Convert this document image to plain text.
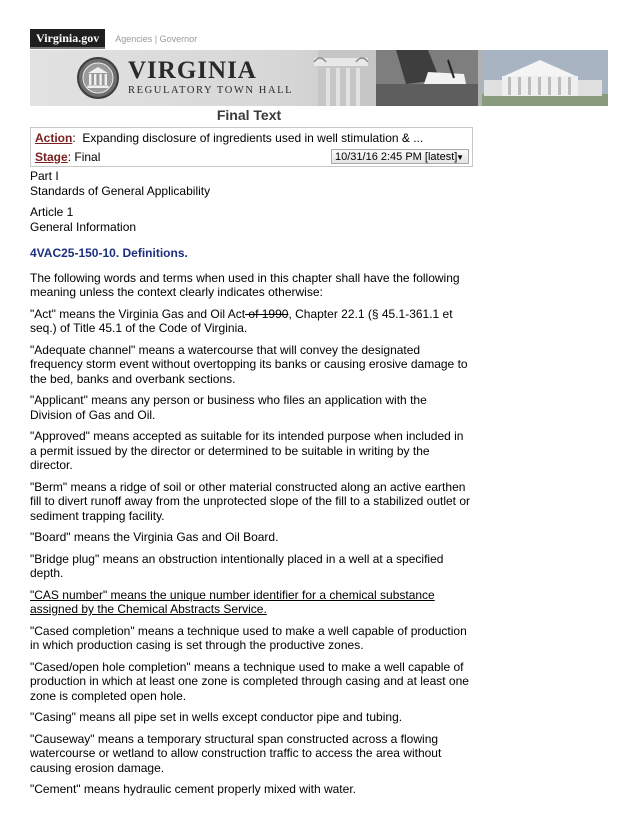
Virginia.gov	Agencies | Governor
VIRGINIA
REGULATORY TOWN HALL
Final Text
Action: Expanding disclosure of ingredients used in well stimulation & ...
Stage: Final	10/31/16 2:45 PM [latest]
▼

Part I
Standards of General Applicability

Article 1
General Information

4VAC25-150-10. Definitions.

The following words and terms when used in this chapter shall have the following meaning unless the context clearly indicates otherwise:

"Act" means the Virginia Gas and Oil Act of 1990, Chapter 22.1 (§ 45.1-361.1 et seq.) of Title 45.1 of the Code of Virginia.

"Adequate channel" means a watercourse that will convey the designated frequency storm event without overtopping its banks or causing erosive damage to the bed, banks and overbank sections.

"Applicant" means any person or business who files an application with the Division of Gas and Oil.

"Approved" means accepted as suitable for its intended purpose when included in a permit issued by the director or determined to be suitable in writing by the director.

"Berm" means a ridge of soil or other material constructed along an active earthen fill to divert runoff away from the unprotected slope of the fill to a stabilized outlet or sediment trapping facility.

"Board" means the Virginia Gas and Oil Board.

"Bridge plug" means an obstruction intentionally placed in a well at a specified depth.

"CAS number" means the unique number identifier for a chemical substance assigned by the Chemical Abstracts Service.

"Cased completion" means a technique used to make a well capable of production in which production casing is set through the productive zones.

"Cased/open hole completion" means a technique used to make a well capable of production in which at least one zone is completed through casing and at least one zone is completed open hole.

"Casing" means all pipe set in wells except conductor pipe and tubing.

"Causeway" means a temporary structural span constructed across a flowing watercourse or wetland to allow construction traffic to access the area without causing erosion damage.

"Cement" means hydraulic cement properly mixed with water.
